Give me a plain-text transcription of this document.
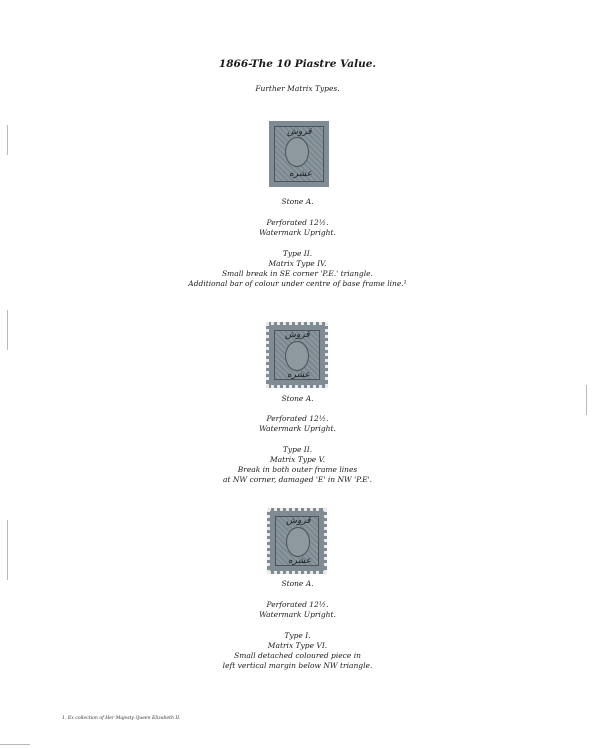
1866-The 10 Piastre Value.
Further Matrix Types.
ﻗﺮﻭﺵ
ﻋﺸﺮﻩ
Stone A.
Perforated 12½.
Watermark Upright.
Type II.
Matrix Type IV.
Small break in SE corner 'P.E.' triangle.
Additional bar of colour under centre of base frame line.¹
ﻗﺮﻭﺵ
ﻋﺸﺮﻩ
Stone A.
Perforated 12½.
Watermark Upright.
Type II.
Matrix Type V.
Break in both outer frame lines
at NW corner, damaged 'E' in NW 'P.E'.
ﻗﺮﻭﺵ
ﻋﺸﺮﻩ
Stone A.
Perforated 12½.
Watermark Upright.
Type I.
Matrix Type VI.
Small detached coloured piece in
left vertical margin below NW triangle.
1. Ex collection of Her Majesty Queen Elizabeth II.
